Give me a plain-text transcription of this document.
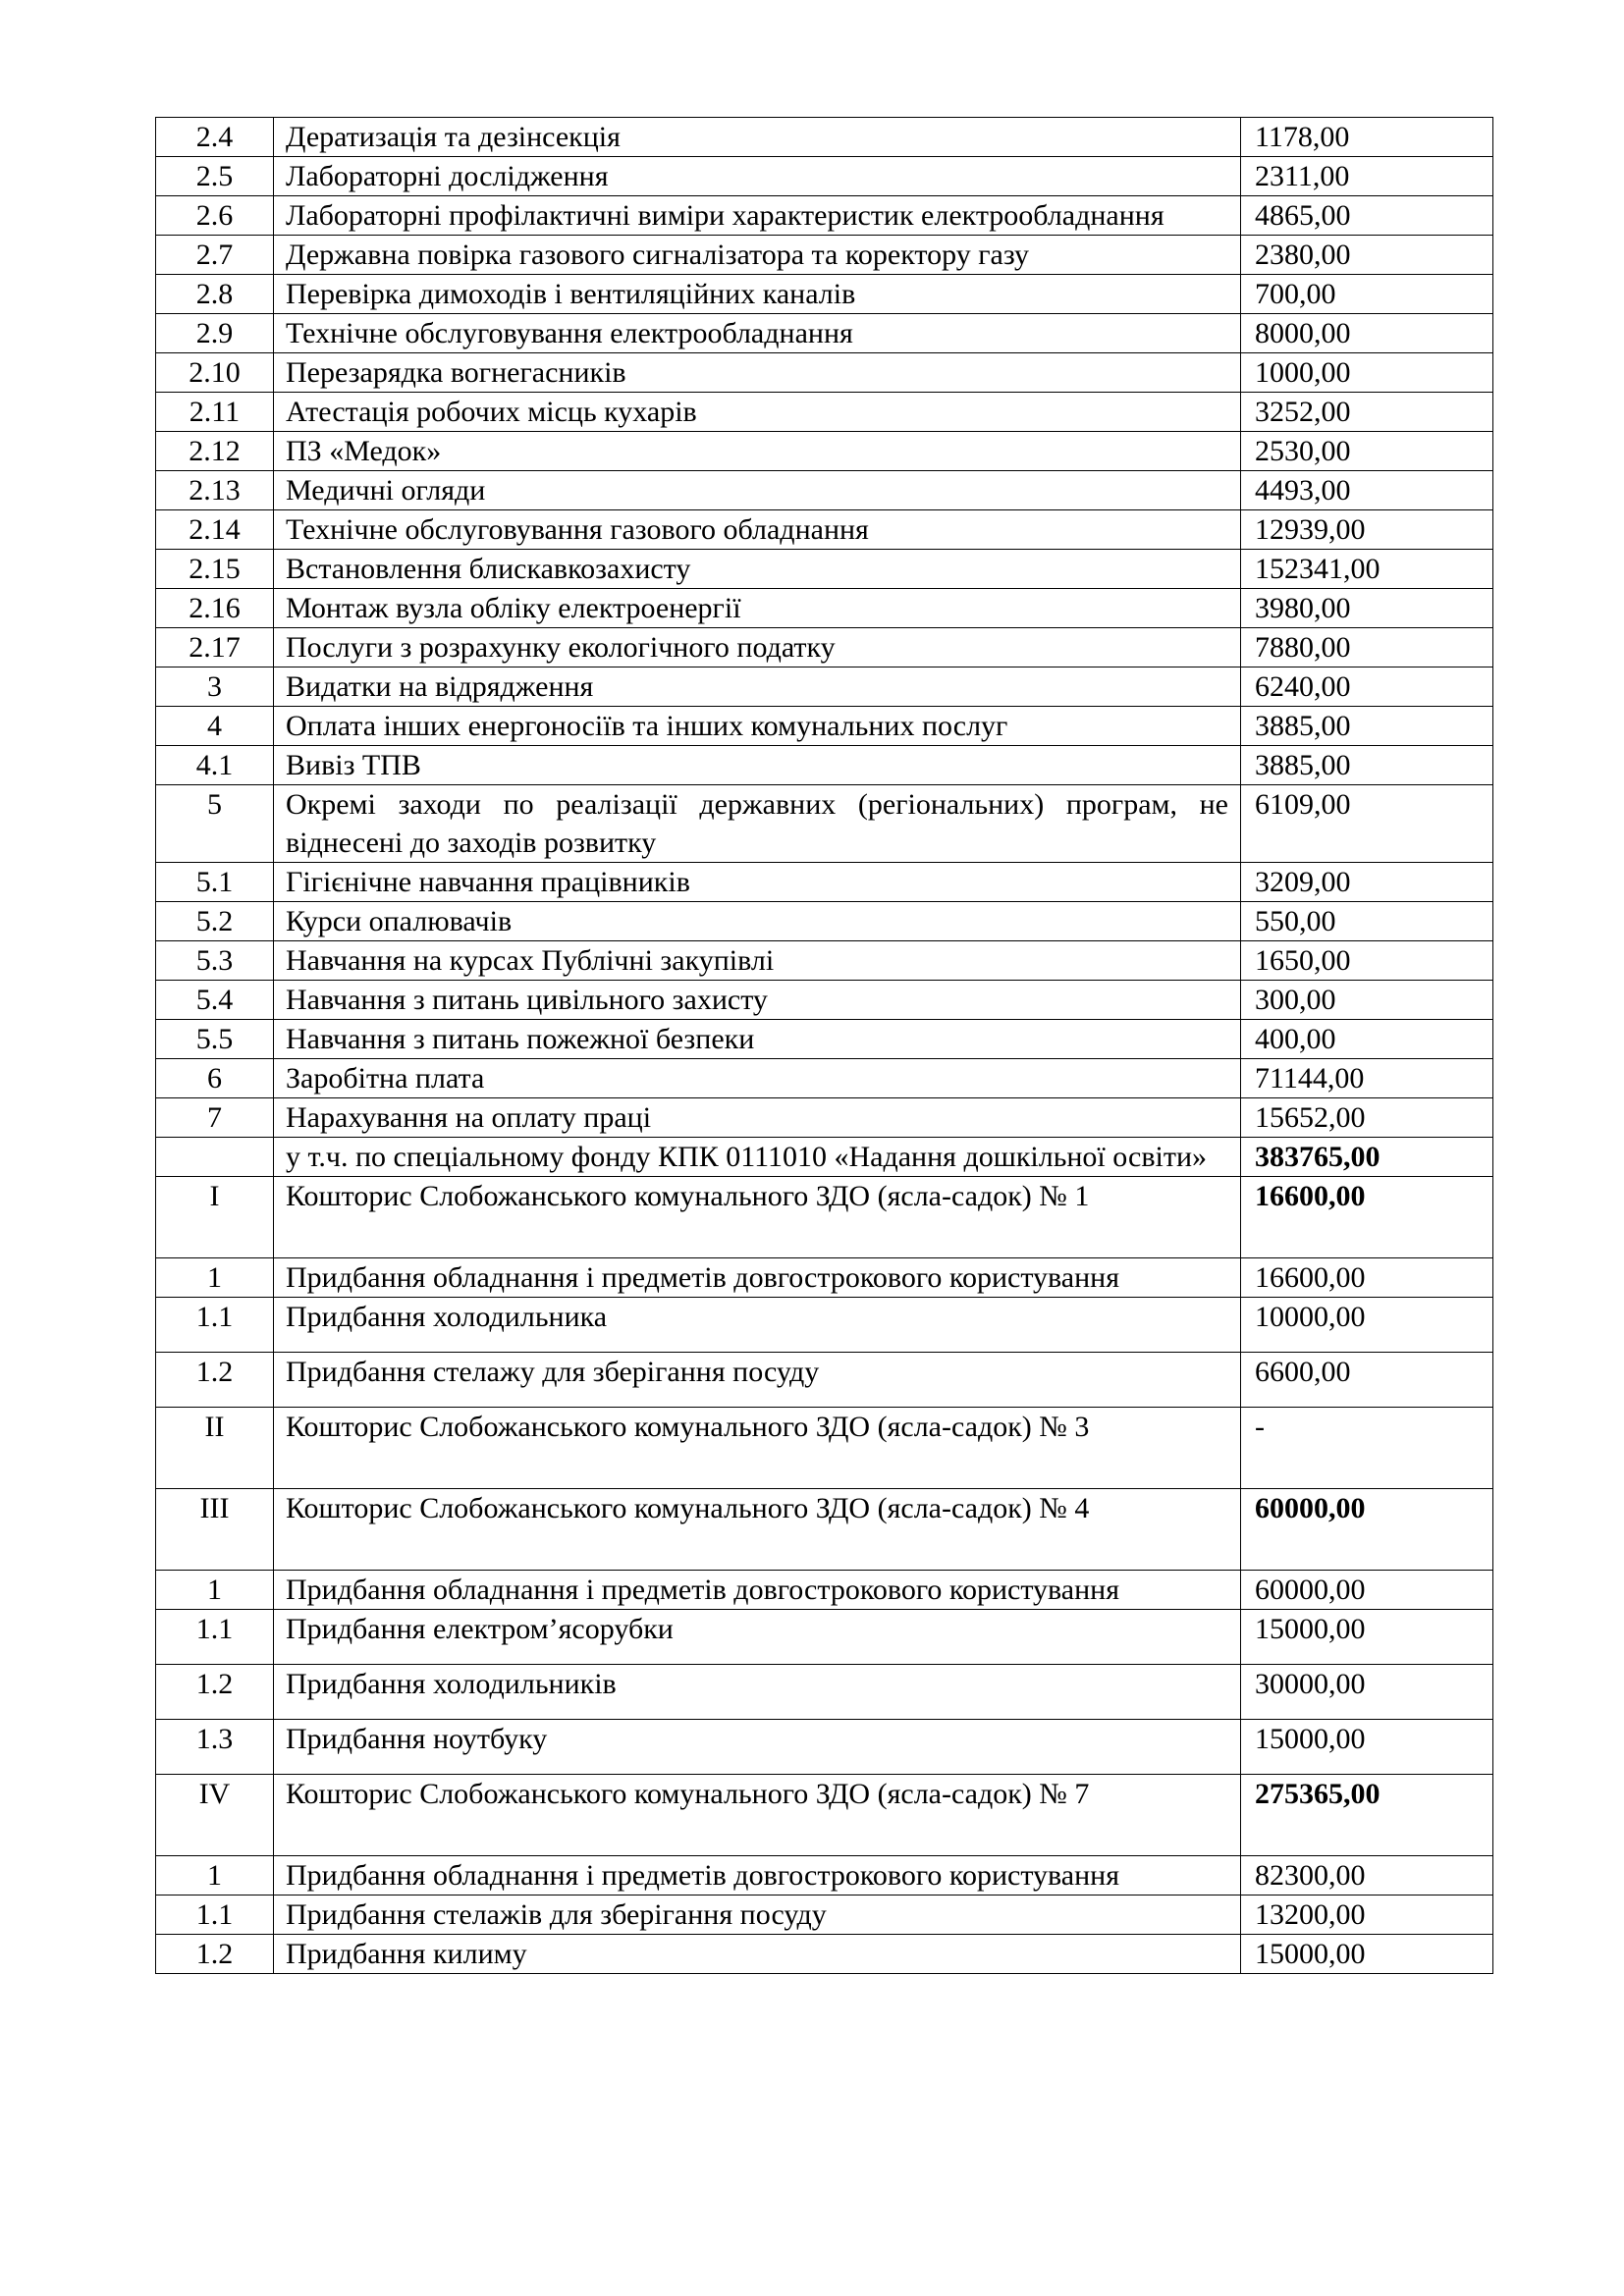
2.4	Дератизація та дезінсекція	1178,00
2.5	Лабораторні дослідження	2311,00
2.6	Лабораторні профілактичні виміри характеристик електрообладнання	4865,00
2.7	Державна повірка газового сигналізатора та коректору газу	2380,00
2.8	Перевірка димоходів і вентиляційних каналів	700,00
2.9	Технічне обслуговування електрообладнання	8000,00
2.10	Перезарядка вогнегасників	1000,00
2.11	Атестація робочих місць кухарів	3252,00
2.12	ПЗ «Медок»	2530,00
2.13	Медичні огляди	4493,00
2.14	Технічне обслуговування газового обладнання	12939,00
2.15	Встановлення блискавкозахисту	152341,00
2.16	Монтаж вузла обліку електроенергії	3980,00
2.17	Послуги з розрахунку екологічного податку	7880,00
3	Видатки на відрядження	6240,00
4	Оплата інших енергоносіїв та інших комунальних послуг	3885,00
4.1	Вивіз ТПВ	3885,00
5	Окремі заходи по реалізації державних (регіональних) програм, не віднесені до заходів розвитку	6109,00
5.1	Гігієнічне навчання працівників	3209,00
5.2	Курси опалювачів	550,00
5.3	Навчання на курсах Публічні закупівлі	1650,00
5.4	Навчання з питань цивільного захисту	300,00
5.5	Навчання з питань пожежної безпеки	400,00
6	Заробітна плата	71144,00
7	Нарахування на оплату праці	15652,00
	у т.ч. по спеціальному фонду КПК 0111010 «Надання дошкільної освіти»	383765,00
I	Кошторис Слобожанського комунального ЗДО (ясла-садок) № 1	16600,00
1	Придбання обладнання і предметів довгострокового користування	16600,00
1.1	Придбання холодильника	10000,00
1.2	Придбання стелажу для зберігання посуду	6600,00
II	Кошторис Слобожанського комунального ЗДО (ясла-садок) № 3	-
III	Кошторис Слобожанського комунального ЗДО (ясла-садок) № 4	60000,00
1	Придбання обладнання і предметів довгострокового користування	60000,00
1.1	Придбання електром’ясорубки	15000,00
1.2	Придбання холодильників	30000,00
1.3	Придбання ноутбуку	15000,00
IV	Кошторис Слобожанського комунального ЗДО (ясла-садок) № 7	275365,00
1	Придбання обладнання і предметів довгострокового користування	82300,00
1.1	Придбання стелажів для зберігання посуду	13200,00
1.2	Придбання килиму	15000,00
